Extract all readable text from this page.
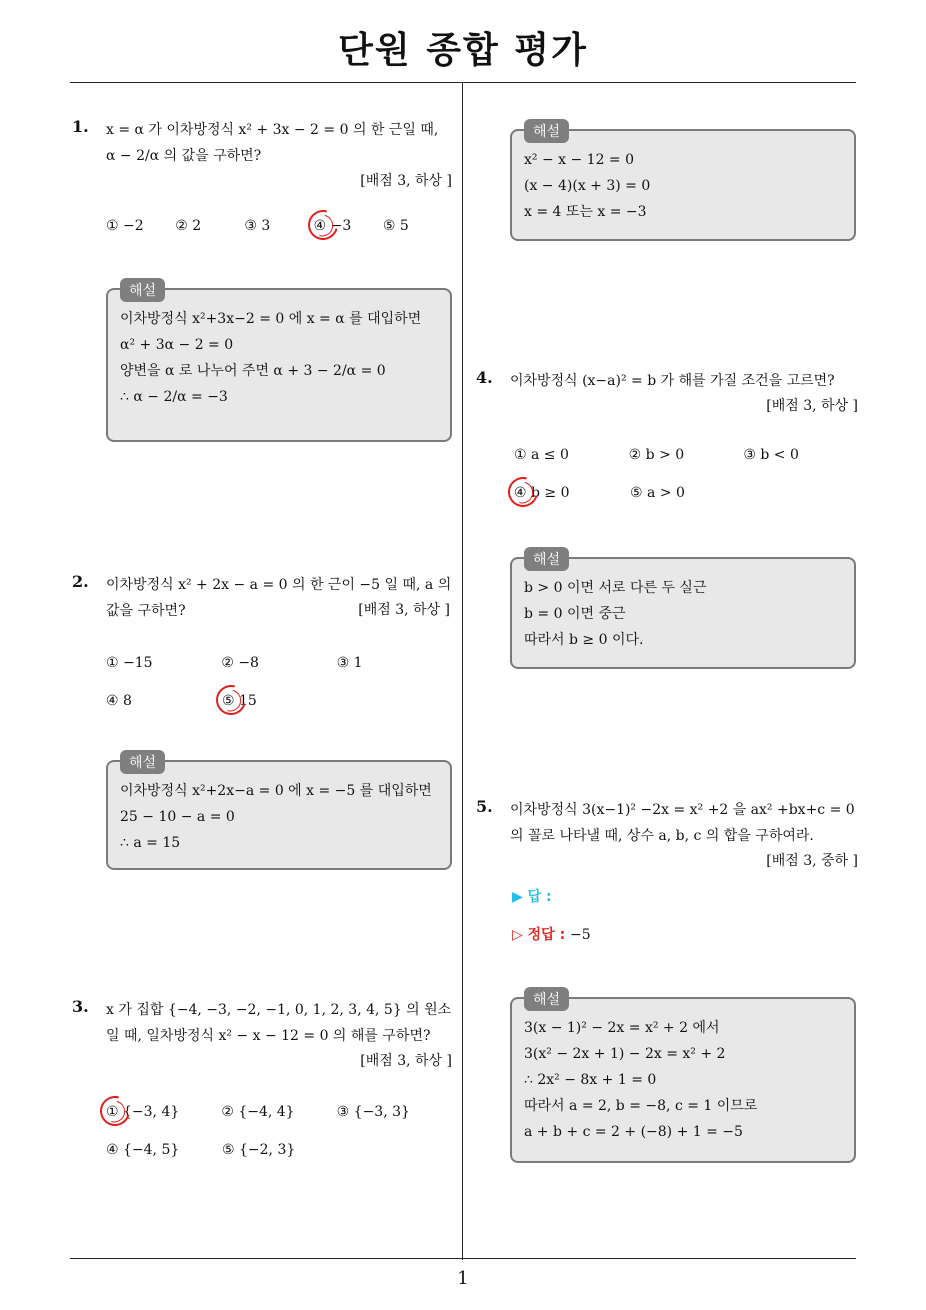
단원 종합 평가
1
1. x = α 가 이차방정식 x² + 3x − 2 = 0 의 한 근일 때,
α − 2/α 의 값을 구하면?
[배점 3, 하상 ]
① −2	② 2	③ 3	④ −3	⑤ 5
해설
이차방정식 x²+3x−2 = 0 에 x = α 를 대입하면
α² + 3α − 2 = 0
양변을 α 로 나누어 주면 α + 3 − 2/α = 0
∴ α − 2/α = −3
2. 이차방정식 x² + 2x − a = 0 의 한 근이 −5 일 때, a 의
값을 구하면?
① −15	② −8	③ 1
④ 8	⑤ 15
[배점 3, 하상 ]
해설
이차방정식 x²+2x−a = 0 에 x = −5 를 대입하면
25 − 10 − a = 0
∴ a = 15
3. x 가 집합 {−4, −3, −2, −1, 0, 1, 2, 3, 4, 5} 의 원소
일 때, 일차방정식 x² − x − 12 = 0 의 해를 구하면?
[배점 3, 하상 ]
① {−3, 4}	② {−4, 4}	③ {−3, 3}
④ {−4, 5}	⑤ {−2, 3}
해설
x² − x − 12 = 0
(x − 4)(x + 3) = 0
x = 4 또는 x = −3
4. 이차방정식 (x−a)² = b 가 해를 가질 조건을 고르면?
[배점 3, 하상 ]
① a ≤ 0	② b > 0	③ b < 0
④ b ≥ 0	⑤ a > 0
해설
b > 0 이면 서로 다른 두 실근
b = 0 이면 중근
따라서 b ≥ 0 이다.
5. 이차방정식 3(x−1)² −2x = x² +2 을 ax² +bx+c = 0
의 꼴로 나타낼 때, 상수 a, b, c 의 합을 구하여라.
[배점 3, 중하 ]
▶ 답 :
▷ 정답 : −5
해설
3(x − 1)² − 2x = x² + 2 에서
3(x² − 2x + 1) − 2x = x² + 2
∴ 2x² − 8x + 1 = 0
따라서 a = 2, b = −8, c = 1 이므로
a + b + c = 2 + (−8) + 1 = −5
